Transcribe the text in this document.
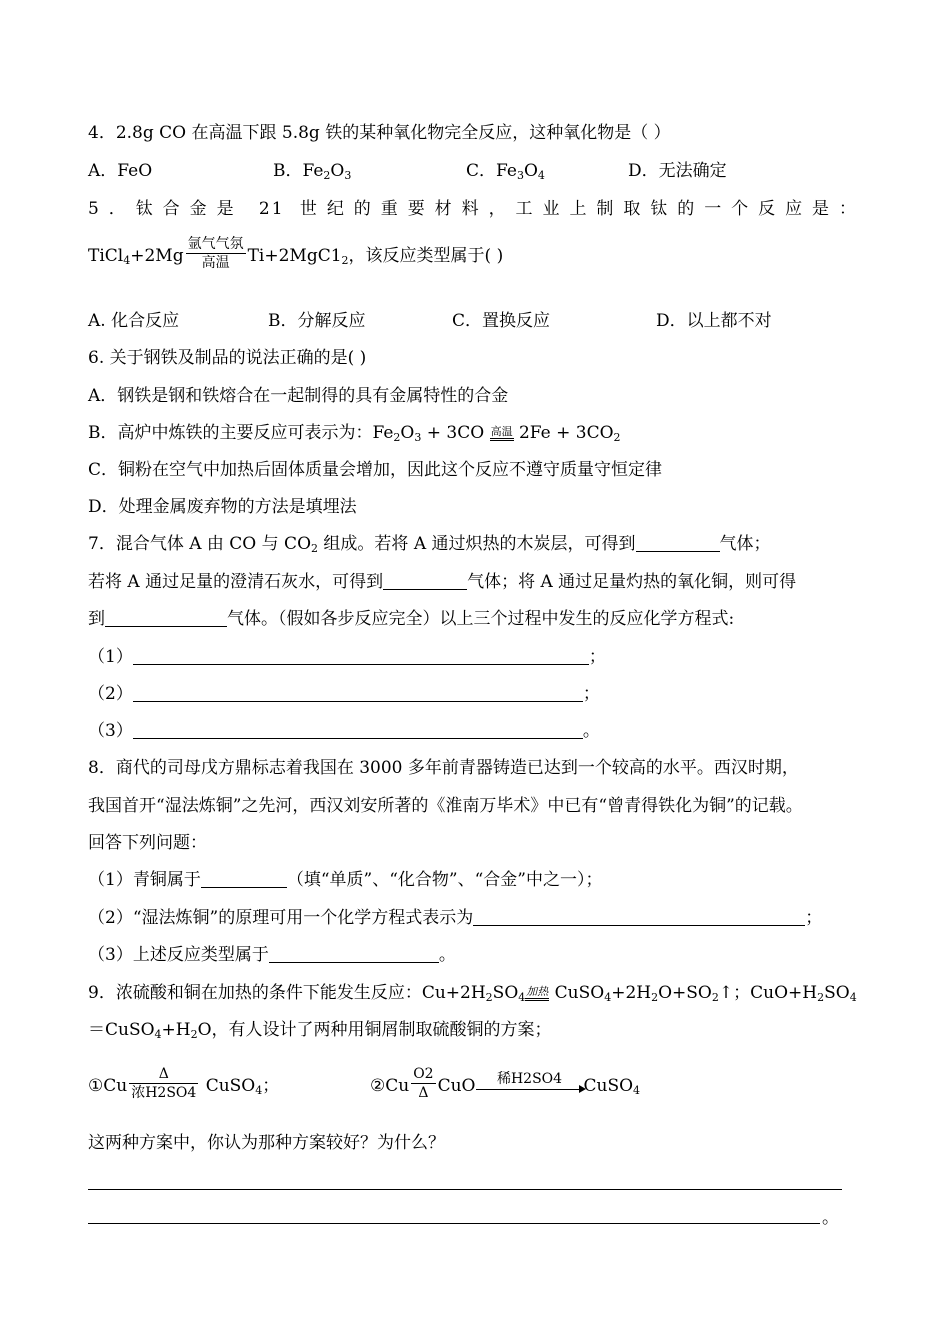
4．2.8g CO 在高温下跟 5.8g 铁的某种氧化物完全反应，这种氧化物是（ ）
A．FeO	B．$Fe_2O_3$	C．$Fe_3O_4$	D．无法确定
5．钛合金是 21 世纪的重要材料，工业上制取钛的一个反应是：
TiCl$_4$+2Mg $\frac{\text{氩气气氛}}{\text{高温}} Ti+2MgC1_2$，该反应类型属于( )
A. 化合反应	B．分解反应	C．置换反应	D．以上都不对
6. 关于钢铁及制品的说法正确的是( )
A．钢铁是钢和铁熔合在一起制得的具有金属特性的合金
B．高炉中炼铁的主要反应可表示为：$Fe_2O_3 + 3CO$ 高温 $2Fe + 3CO_2$
C．铜粉在空气中加热后固体质量会增加，因此这个反应不遵守质量守恒定律
D．处理金属废弃物的方法是填埋法
7．混合气体 A 由 CO 与 $CO_2$ 组成。若将 A 通过炽热的木炭层，可得到	气体；
若将 A 通过足量的澄清石灰水，可得到	气体；将 A 通过足量灼热的氧化铜，则可得
到	气体。（假如各步反应完全）以上三个过程中发生的反应化学方程式:
（1）	；
（2）	；
（3）	。
8．商代的司母戊方鼎标志着我国在 3000 多年前青器铸造已达到一个较高的水平。西汉时期，
我国首开“湿法炼铜”之先河，西汉刘安所著的《淮南万毕术》中已有“曾青得铁化为铜”的记载。
回答下列问题：
（1）青铜属于	（填“单质”、“化合物”、“合金”中之一）；
（2）“湿法炼铜”的原理可用一个化学方程式表示为	；
（3）上述反应类型属于	。
9．浓硫酸和铜在加热的条件下能发生反应：$Cu+2H_2SO_4$加热 $CuSO_4+2H_2O+SO_2↑$；$CuO+H_2SO_4$
$=CuSO_4+H_2O$，有人设计了两种用铜屑制取硫酸铜的方案；
①Cu $\frac{\Delta}{\text{浓H2SO4}}$ CuSO$_4$；	②Cu $\frac{O2}{\Delta}$ CuO	稀H2SO4	CuSO$_4$
这两种方案中，你认为那种方案较好？为什么？
。
